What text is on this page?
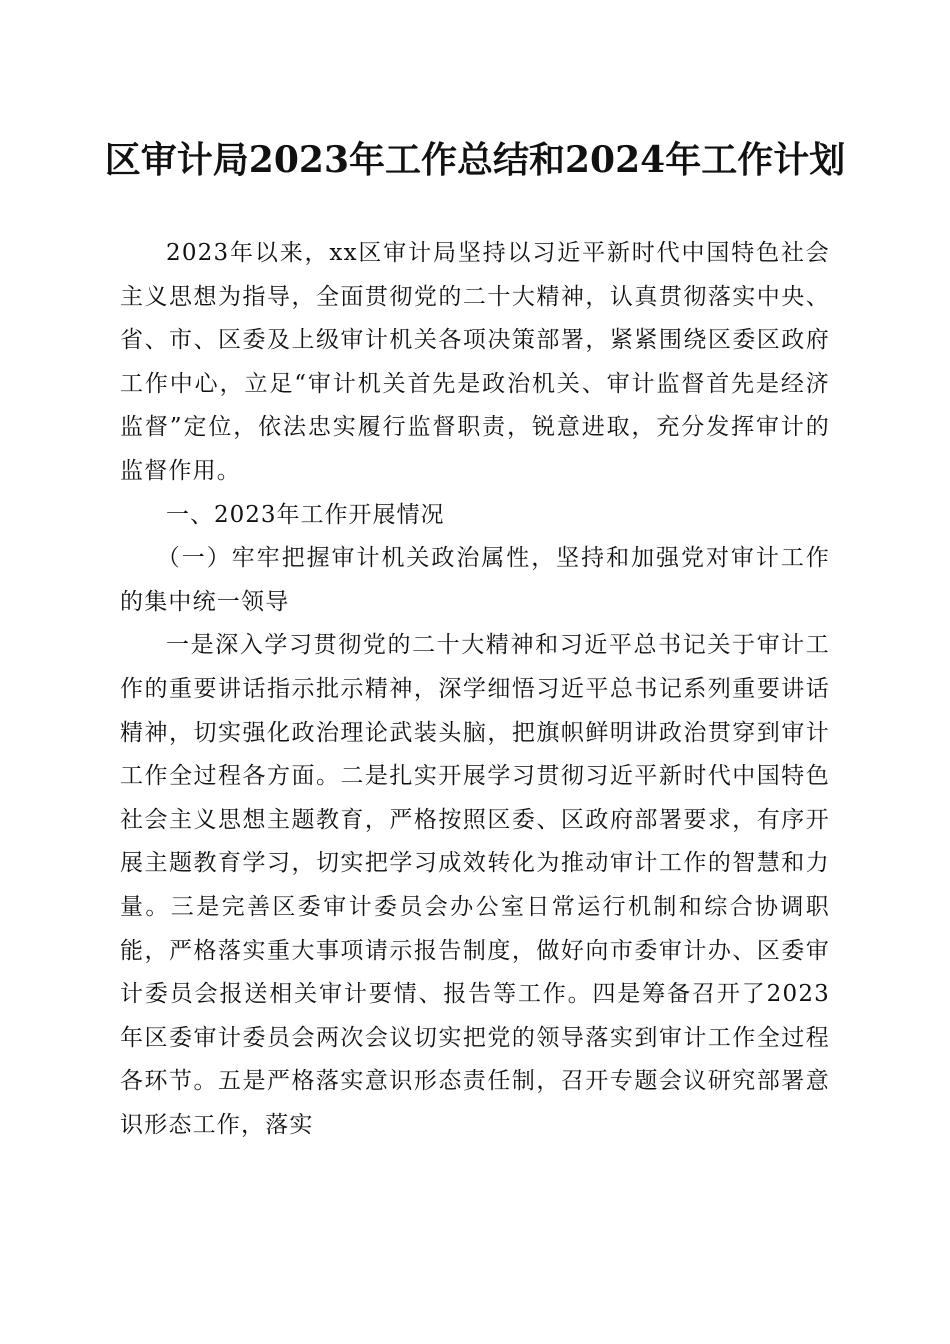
区审计局2023年工作总结和2024年工作计划

2023年以来，xx区审计局坚持以习近平新时代中国特色社会主义思想为指导，全面贯彻党的二十大精神，认真贯彻落实中央、省、市、区委及上级审计机关各项决策部署，紧紧围绕区委区政府工作中心，立足“审计机关首先是政治机关、审计监督首先是经济监督”定位，依法忠实履行监督职责，锐意进取，充分发挥审计的监督作用。

一、2023年工作开展情况

（一）牢牢把握审计机关政治属性，坚持和加强党对审计工作的集中统一领导

一是深入学习贯彻党的二十大精神和习近平总书记关于审计工作的重要讲话指示批示精神，深学细悟习近平总书记系列重要讲话精神，切实强化政治理论武装头脑，把旗帜鲜明讲政治贯穿到审计工作全过程各方面。二是扎实开展学习贯彻习近平新时代中国特色社会主义思想主题教育，严格按照区委、区政府部署要求，有序开展主题教育学习，切实把学习成效转化为推动审计工作的智慧和力量。三是完善区委审计委员会办公室日常运行机制和综合协调职能，严格落实重大事项请示报告制度，做好向市委审计办、区委审计委员会报送相关审计要情、报告等工作。四是筹备召开了2023年区委审计委员会两次会议切实把党的领导落实到审计工作全过程各环节。五是严格落实意识形态责任制，召开专题会议研究部署意识形态工作，落实
